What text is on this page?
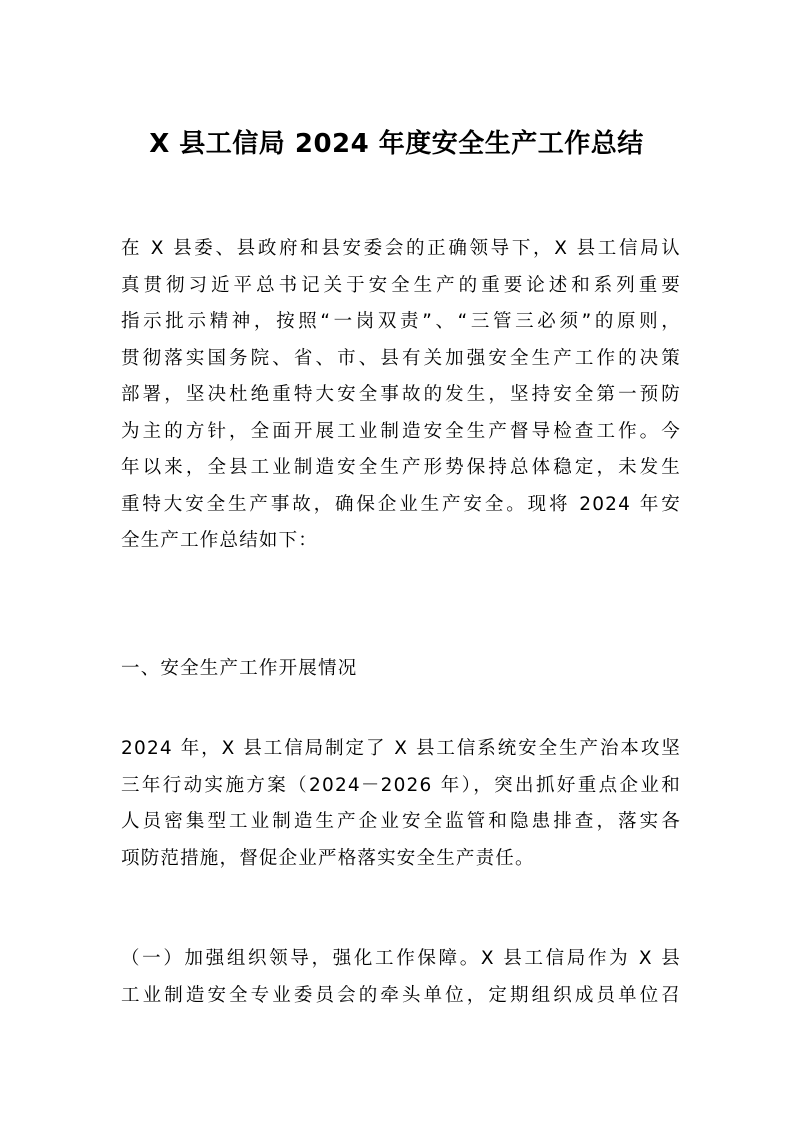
X 县工信局 2024 年度安全生产工作总结
在 X 县委、县政府和县安委会的正确领导下，X 县工信局认
真贯彻习近平总书记关于安全生产的重要论述和系列重要
指示批示精神，按照“一岗双责”、“三管三必须”的原则，
贯彻落实国务院、省、市、县有关加强安全生产工作的决策
部署，坚决杜绝重特大安全事故的发生，坚持安全第一预防
为主的方针，全面开展工业制造安全生产督导检查工作。今
年以来，全县工业制造安全生产形势保持总体稳定，未发生
重特大安全生产事故，确保企业生产安全。现将 2024 年安
全生产工作总结如下：
一、安全生产工作开展情况
2024 年，X 县工信局制定了 X 县工信系统安全生产治本攻坚
三年行动实施方案（2024－2026 年），突出抓好重点企业和
人员密集型工业制造生产企业安全监管和隐患排查，落实各
项防范措施，督促企业严格落实安全生产责任。
（一）加强组织领导，强化工作保障。X 县工信局作为 X 县
工业制造安全专业委员会的牵头单位，定期组织成员单位召
